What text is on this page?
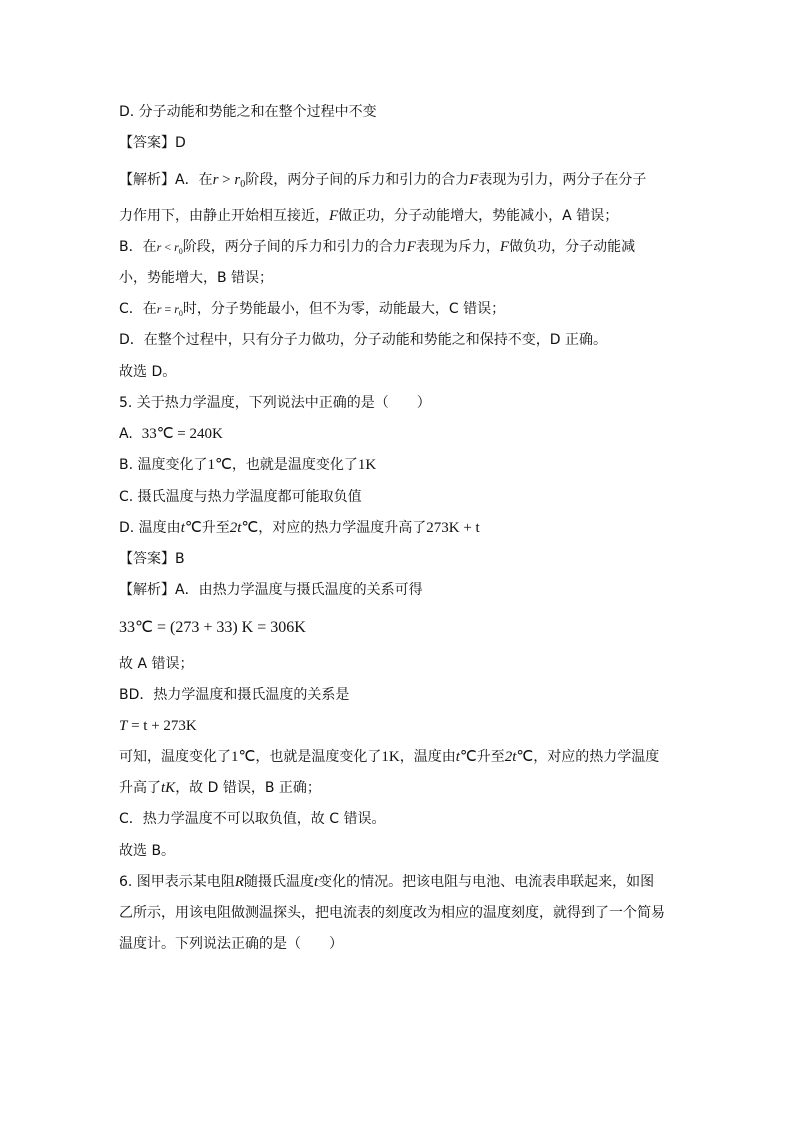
D. 分子动能和势能之和在整个过程中不变
【答案】D
【解析】A．在$r > r_0$阶段，两分子间的斥力和引力的合力F表现为引力，两分子在分子
力作用下，由静止开始相互接近，F做正功，分子动能增大，势能减小，A 错误；
B．在$r < r_0$阶段，两分子间的斥力和引力的合力F表现为斥力，F做负功，分子动能减
小，势能增大，B 错误；
C．在$r = r_0$时，分子势能最小，但不为零，动能最大，C 错误；
D．在整个过程中，只有分子力做功，分子动能和势能之和保持不变，D 正确。
故选 D。
5. 关于热力学温度，下列说法中正确的是（　　）
A. 33℃ = 240K
B. 温度变化了1℃，也就是温度变化了1K
C. 摄氏温度与热力学温度都可能取负值
D. 温度由t℃升至2t℃，对应的热力学温度升高了273K + t
【答案】B
【解析】A．由热力学温度与摄氏温度的关系可得
33℃ = (273 + 33) K = 306K
故 A 错误；
BD．热力学温度和摄氏温度的关系是
T = t + 273K
可知，温度变化了1℃，也就是温度变化了1K，温度由t℃升至2t℃，对应的热力学温度
升高了tK，故 D 错误，B 正确；
C．热力学温度不可以取负值，故 C 错误。
故选 B。
6. 图甲表示某电阻R随摄氏温度t变化的情况。把该电阻与电池、电流表串联起来，如图
乙所示，用该电阻做测温探头，把电流表的刻度改为相应的温度刻度，就得到了一个简易
温度计。下列说法正确的是（　　）
